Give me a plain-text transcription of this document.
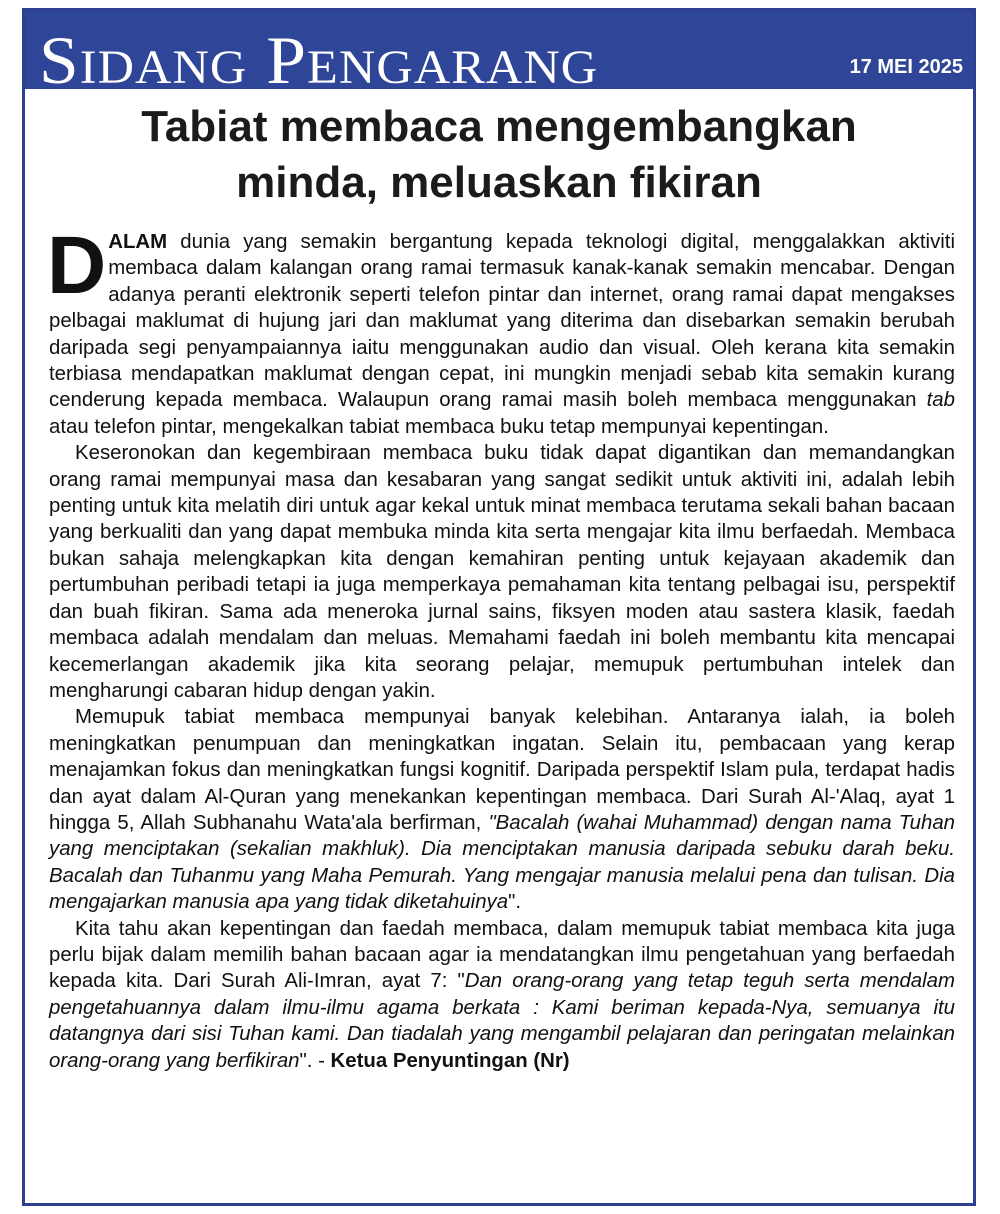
Sidang Pengarang	17 MEI 2025
Tabiat membaca mengembangkan
minda, meluaskan fikiran

DALAM dunia yang semakin bergantung kepada teknologi digital, menggalakkan aktiviti membaca dalam kalangan orang ramai termasuk kanak-kanak semakin mencabar. Dengan adanya peranti elektronik seperti telefon pintar dan internet, orang ramai dapat mengakses pelbagai maklumat di hujung jari dan maklumat yang diterima dan disebarkan semakin berubah daripada segi penyampaiannya iaitu menggunakan audio dan visual. Oleh kerana kita semakin terbiasa mendapatkan maklumat dengan cepat, ini mungkin menjadi sebab kita semakin kurang cenderung kepada membaca. Walaupun orang ramai masih boleh membaca menggunakan tab atau telefon pintar, mengekalkan tabiat membaca buku tetap mempunyai kepentingan.

Keseronokan dan kegembiraan membaca buku tidak dapat digantikan dan memandangkan orang ramai mempunyai masa dan kesabaran yang sangat sedikit untuk aktiviti ini, adalah lebih penting untuk kita melatih diri untuk agar kekal untuk minat membaca terutama sekali bahan bacaan yang berkualiti dan yang dapat membuka minda kita serta mengajar kita ilmu berfaedah. Membaca bukan sahaja melengkapkan kita dengan kemahiran penting untuk kejayaan akademik dan pertumbuhan peribadi tetapi ia juga memperkaya pemahaman kita tentang pelbagai isu, perspektif dan buah fikiran. Sama ada meneroka jurnal sains, fiksyen moden atau sastera klasik, faedah membaca adalah mendalam dan meluas. Memahami faedah ini boleh membantu kita mencapai kecemerlangan akademik jika kita seorang pelajar, memupuk pertumbuhan intelek dan mengharungi cabaran hidup dengan yakin.

Memupuk tabiat membaca mempunyai banyak kelebihan. Antaranya ialah, ia boleh meningkatkan penumpuan dan meningkatkan ingatan. Selain itu, pembacaan yang kerap menajamkan fokus dan meningkatkan fungsi kognitif. Daripada perspektif Islam pula, terdapat hadis dan ayat dalam Al-Quran yang menekankan kepentingan membaca. Dari Surah Al-'Alaq, ayat 1 hingga 5, Allah Subhanahu Wata'ala berfirman, "Bacalah (wahai Muhammad) dengan nama Tuhan yang menciptakan (sekalian makhluk). Dia menciptakan manusia daripada sebuku darah beku. Bacalah dan Tuhanmu yang Maha Pemurah. Yang mengajar manusia melalui pena dan tulisan. Dia mengajarkan manusia apa yang tidak diketahuinya".

Kita tahu akan kepentingan dan faedah membaca, dalam memupuk tabiat membaca kita juga perlu bijak dalam memilih bahan bacaan agar ia mendatangkan ilmu pengetahuan yang berfaedah kepada kita. Dari Surah Ali-Imran, ayat 7: "Dan orang-orang yang tetap teguh serta mendalam pengetahuannya dalam ilmu-ilmu agama berkata : Kami beriman kepada-Nya, semuanya itu datangnya dari sisi Tuhan kami. Dan tiadalah yang mengambil pelajaran dan peringatan melainkan orang-orang yang berfikiran". - Ketua Penyuntingan (Nr)
